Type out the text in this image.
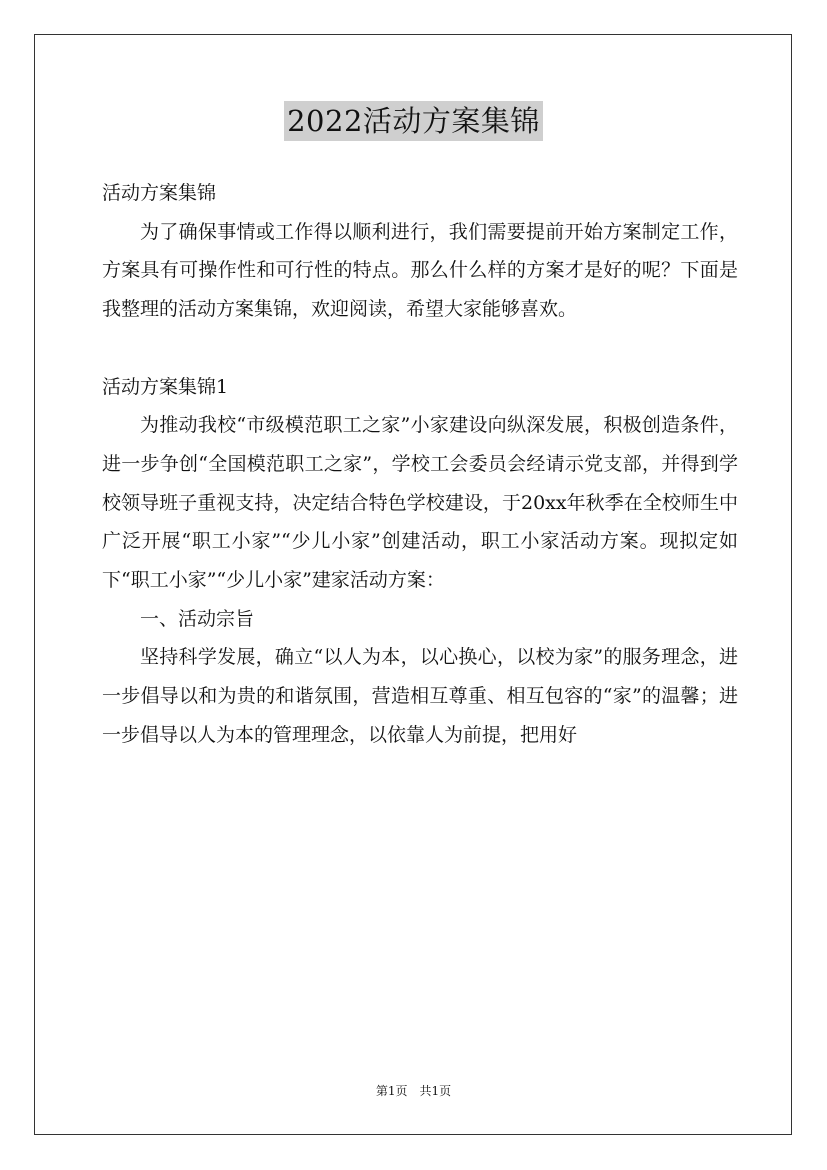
2022活动方案集锦

活动方案集锦

为了确保事情或工作得以顺利进行，我们需要提前开始方案制定工作，方案具有可操作性和可行性的特点。那么什么样的方案才是好的呢？下面是我整理的活动方案集锦，欢迎阅读，希望大家能够喜欢。

活动方案集锦1

为推动我校“市级模范职工之家”小家建设向纵深发展，积极创造条件，进一步争创“全国模范职工之家”，学校工会委员会经请示党支部，并得到学校领导班子重视支持，决定结合特色学校建设，于20xx年秋季在全校师生中广泛开展“职工小家”“少儿小家”创建活动，职工小家活动方案。现拟定如下“职工小家”“少儿小家”建家活动方案：

一、活动宗旨

坚持科学发展，确立“以人为本，以心换心，以校为家”的服务理念，进一步倡导以和为贵的和谐氛围，营造相互尊重、相互包容的“家”的温馨；进一步倡导以人为本的管理理念，以依靠人为前提，把用好

第1页　共1页
